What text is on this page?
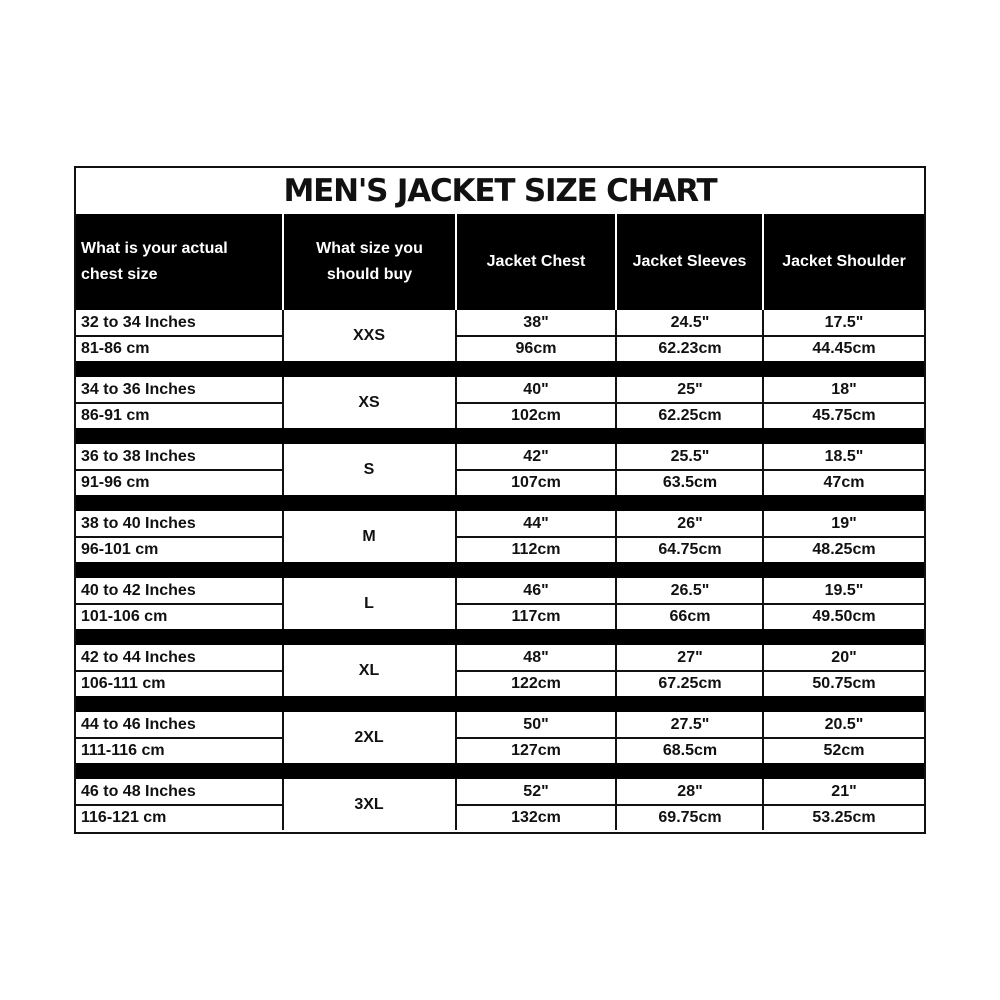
MEN'S JACKET SIZE CHART
What is your actual
chest size
What size you
should buy
Jacket Chest	Jacket Sleeves Jacket Shoulder
32 to 34 Inches
81-86 cm
XXS
38"
96cm
24.5"
62.23cm
17.5"
44.45cm
34 to 36 Inches
86-91 cm
XS
40"
102cm
25"
62.25cm
18"
45.75cm
36 to 38 Inches
91-96 cm
S
42"
107cm
25.5"
63.5cm
18.5"
47cm
38 to 40 Inches
96-101 cm
M
44"
112cm
26"
64.75cm
19"
48.25cm
40 to 42 Inches
101-106 cm
L
46"
117cm
26.5"
66cm
19.5"
49.50cm
42 to 44 Inches
106-111 cm
XL
48"
122cm
27"
67.25cm
20"
50.75cm
44 to 46 Inches
111-116 cm
2XL
50"
127cm
27.5"
68.5cm
20.5"
52cm
46 to 48 Inches
116-121 cm
3XL
52"
132cm
28"
69.75cm
21"
53.25cm
